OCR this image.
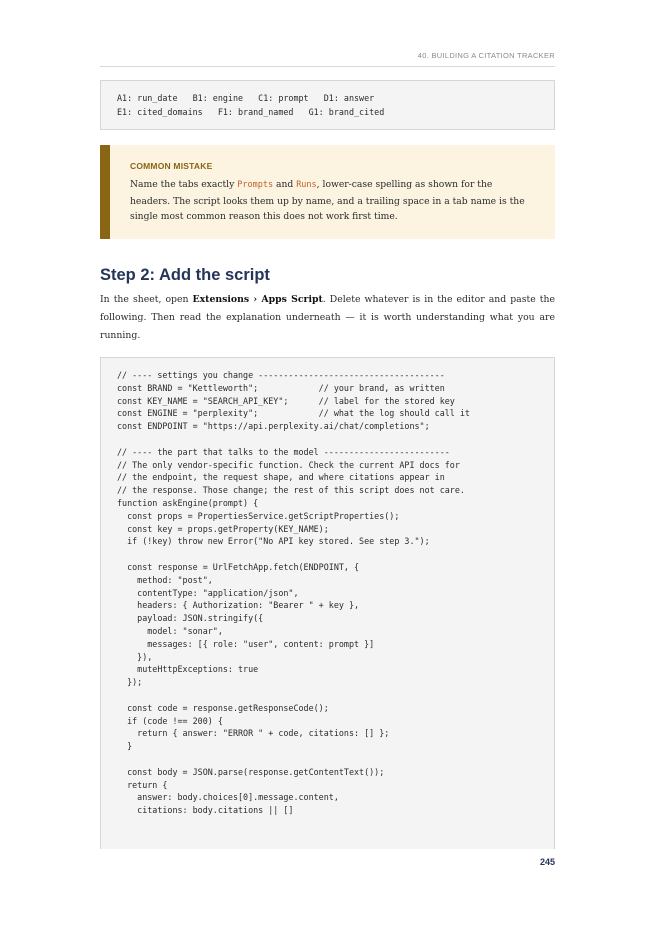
40. BUILDING A CITATION TRACKER
A1: run_date   B1: engine   C1: prompt   D1: answer
E1: cited_domains   F1: brand_named   G1: brand_cited
COMMON MISTAKE
Name the tabs exactly Prompts and Runs, lower-case spelling as shown for the headers. The script looks them up by name, and a trailing space in a tab name is the single most common reason this does not work first time.
Step 2: Add the script

In the sheet, open Extensions › Apps Script. Delete whatever is in the editor and paste the following. Then read the explanation underneath — it is worth understanding what you are running.

// ---- settings you change -------------------------------------
const BRAND = "Kettleworth";            // your brand, as written
const KEY_NAME = "SEARCH_API_KEY";      // label for the stored key
const ENGINE = "perplexity";            // what the log should call it
const ENDPOINT = "https://api.perplexity.ai/chat/completions";
// ---- the part that talks to the model -------------------------
// The only vendor-specific function. Check the current API docs for
// the endpoint, the request shape, and where citations appear in
// the response. Those change; the rest of this script does not care.
function askEngine(prompt) {
const props = PropertiesService.getScriptProperties();
const key = props.getProperty(KEY_NAME);
if (!key) throw new Error("No API key stored. See step 3.");
const response = UrlFetchApp.fetch(ENDPOINT, {
method: "post",
contentType: "application/json",
headers: { Authorization: "Bearer " + key },
payload: JSON.stringify({
model: "sonar",
messages: [{ role: "user", content: prompt }]
}),
muteHttpExceptions: true
});
const code = response.getResponseCode();
if (code !== 200) {
return { answer: "ERROR " + code, citations: [] };
}
const body = JSON.parse(response.getContentText());
return {
answer: body.choices[0].message.content,
citations: body.citations || []
245
